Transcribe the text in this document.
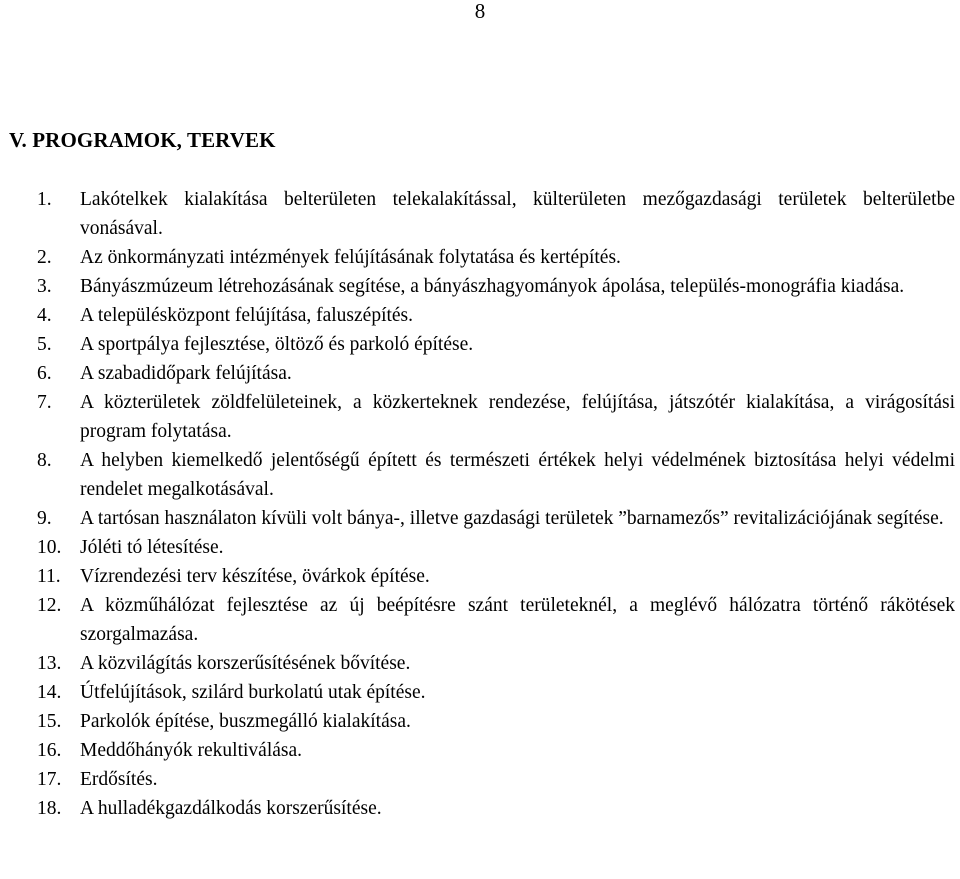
8
V. PROGRAMOK, TERVEK
1.	Lakótelkek kialakítása belterületen telekalakítással, külterületen mezőgazdasági területek belterületbe vonásával.
2.	Az önkormányzati intézmények felújításának folytatása és kertépítés.
3.	Bányászmúzeum létrehozásának segítése, a bányászhagyományok ápolása, település-monográfia kiadása.
4.	A településközpont felújítása, faluszépítés.
5.	A sportpálya fejlesztése, öltöző és parkoló építése.
6.	A szabadidőpark felújítása.
7.	A közterületek zöldfelületeinek, a közkerteknek rendezése, felújítása, játszótér kialakítása, a virágosítási program folytatása.
8.	A helyben kiemelkedő jelentőségű épített és természeti értékek helyi védelmének biztosítása helyi védelmi rendelet megalkotásával.
9.	A tartósan használaton kívüli volt bánya-, illetve gazdasági területek ”barnamezős” revitalizációjának segítése.
10. Jóléti tó létesítése.
11. Vízrendezési terv készítése, övárkok építése.
12. A közműhálózat fejlesztése az új beépítésre szánt területeknél, a meglévő hálózatra történő rákötések szorgalmazása.
13. A közvilágítás korszerűsítésének bővítése.
14. Útfelújítások, szilárd burkolatú utak építése.
15. Parkolók építése, buszmegálló kialakítása.
16. Meddőhányók rekultiválása.
17. Erdősítés.
18. A hulladékgazdálkodás korszerűsítése.
